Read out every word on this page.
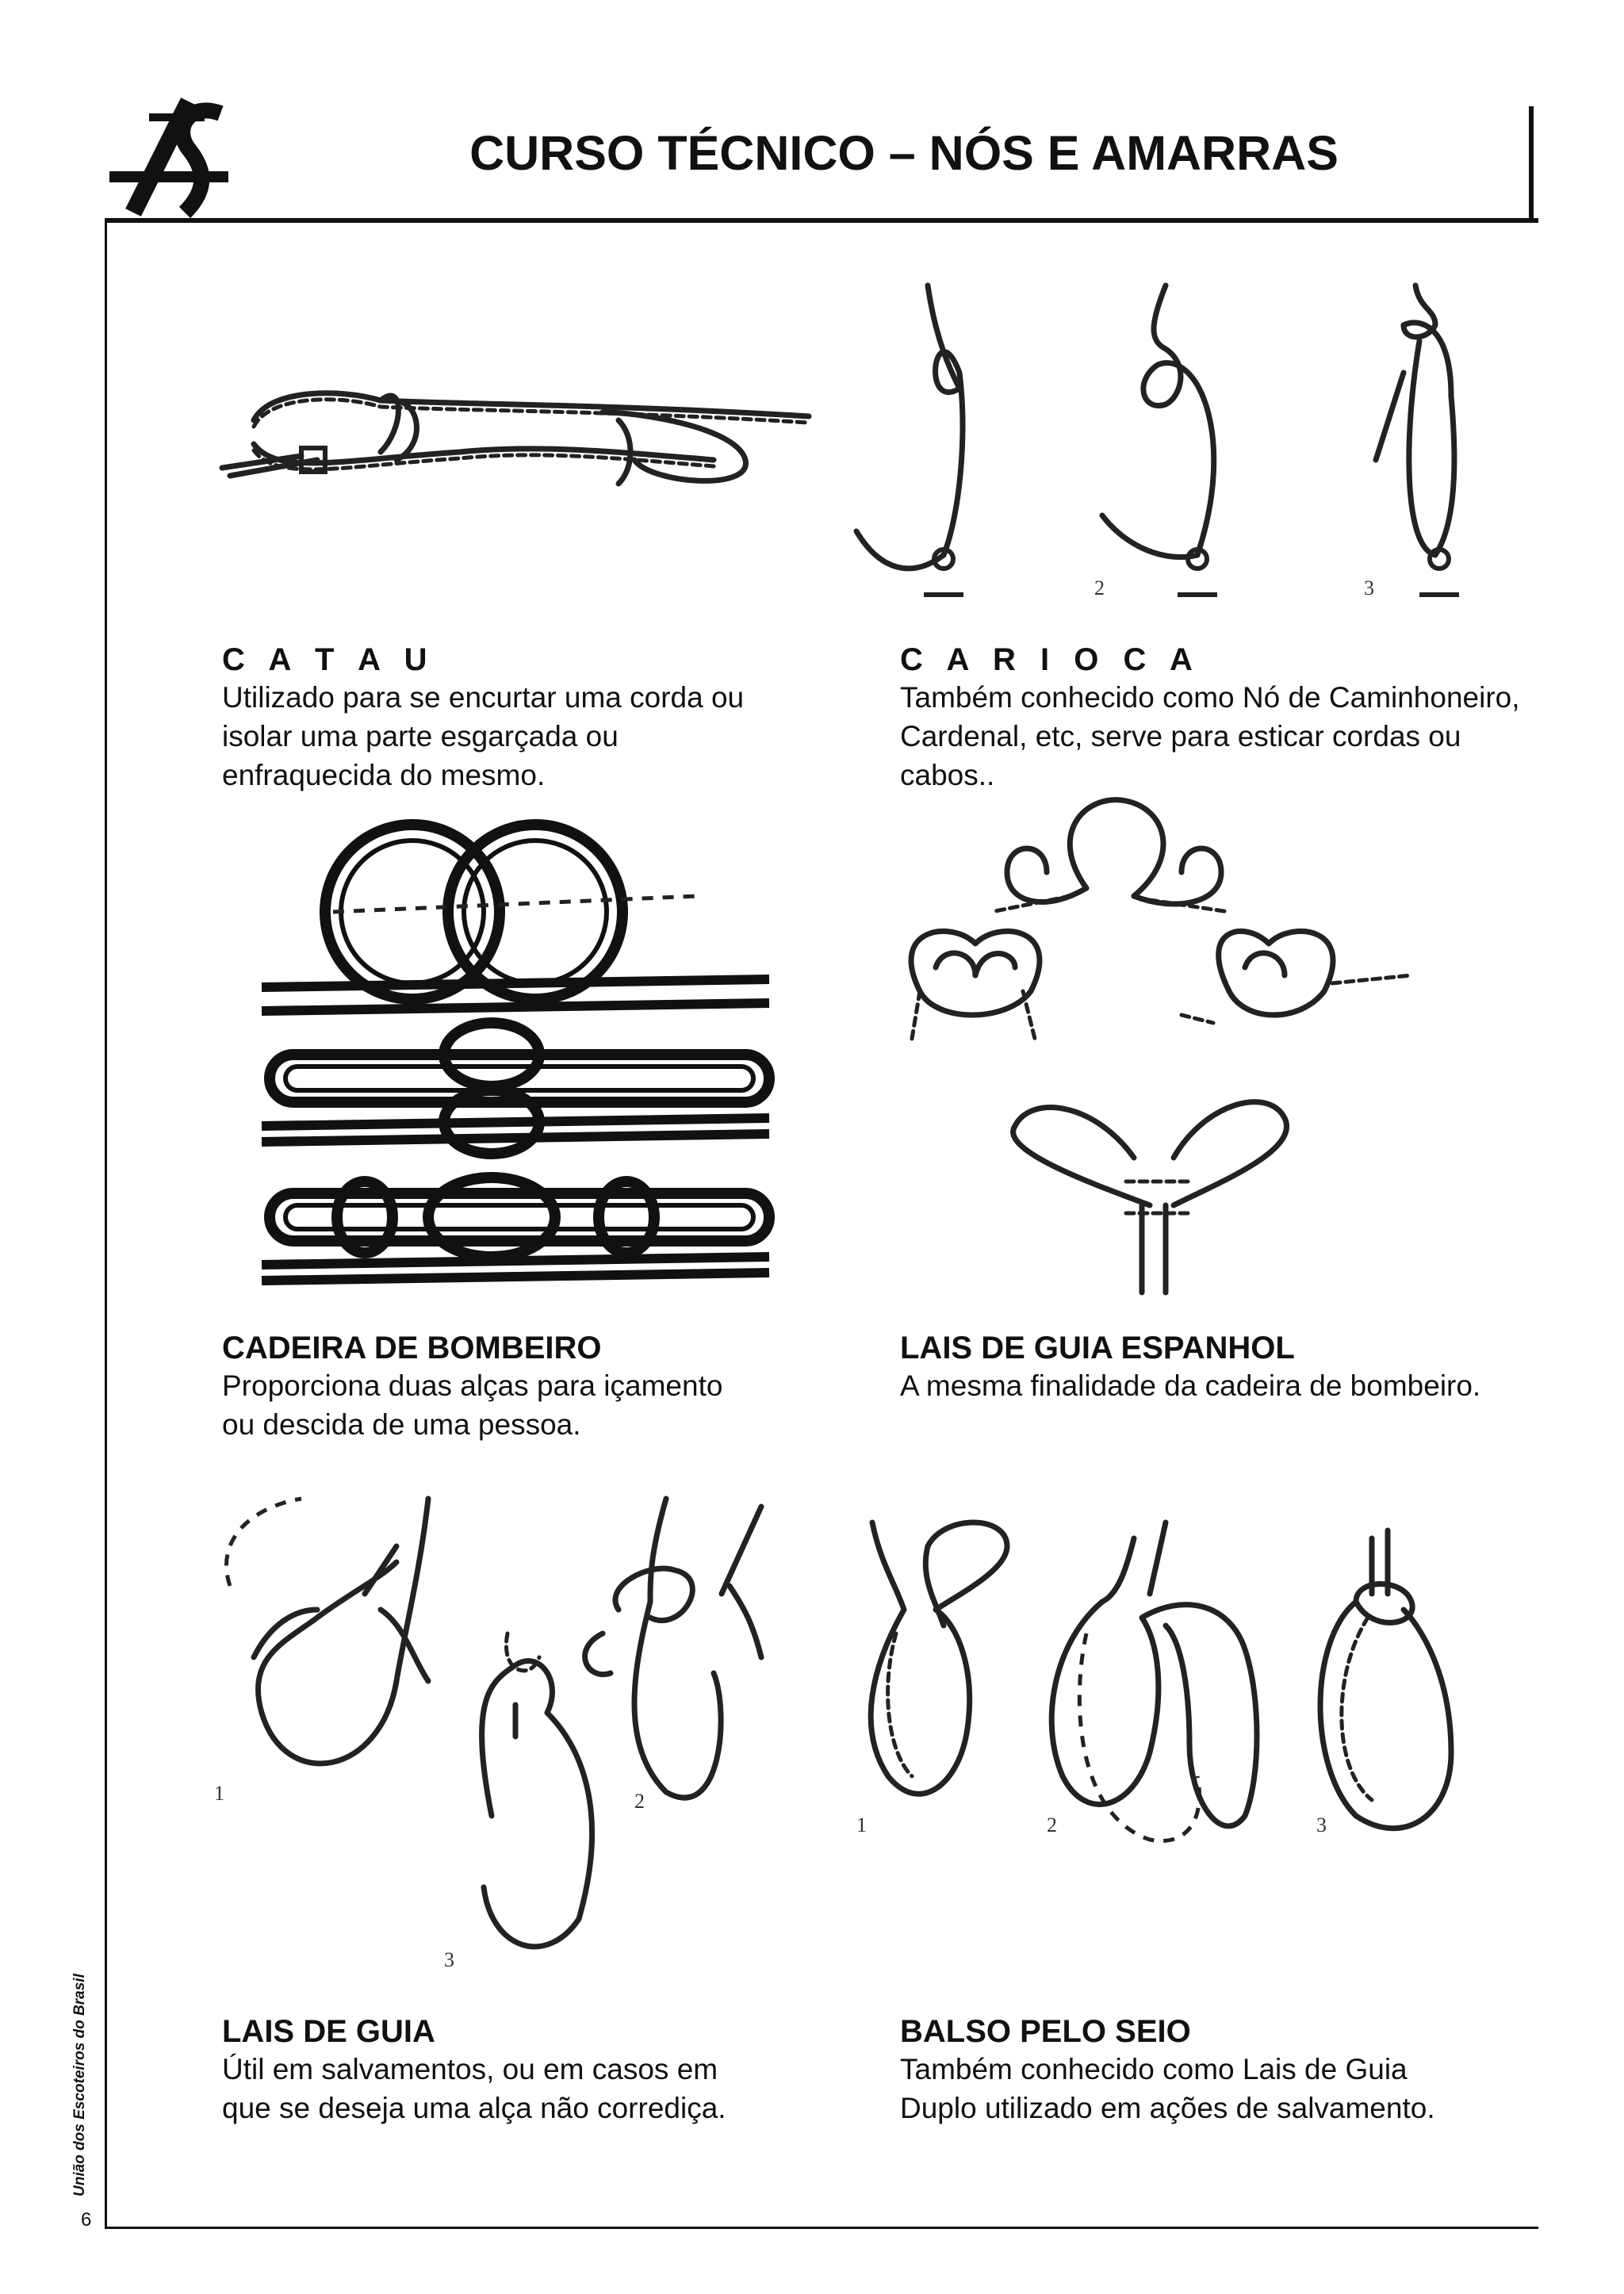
CURSO TÉCNICO – NÓS E AMARRAS
União dos Escoteiros do Brasil
6
2	3
C A T A U
Utilizado para se encurtar uma corda ou
isolar uma parte esgarçada ou
enfraquecida do mesmo.
C A R I O C A
Também conhecido como Nó de Caminhoneiro,
Cardenal, etc, serve para esticar cordas ou
cabos..
CADEIRA DE BOMBEIRO
Proporciona duas alças para içamento
ou descida de uma pessoa.
LAIS DE GUIA ESPANHOL
A mesma finalidade da cadeira de bombeiro.
1	2
3
1	2	3
LAIS DE GUIA
Útil em salvamentos, ou em casos em
que se deseja uma alça não corrediça.
BALSO PELO SEIO
Também conhecido como Lais de Guia
Duplo utilizado em ações de salvamento.
